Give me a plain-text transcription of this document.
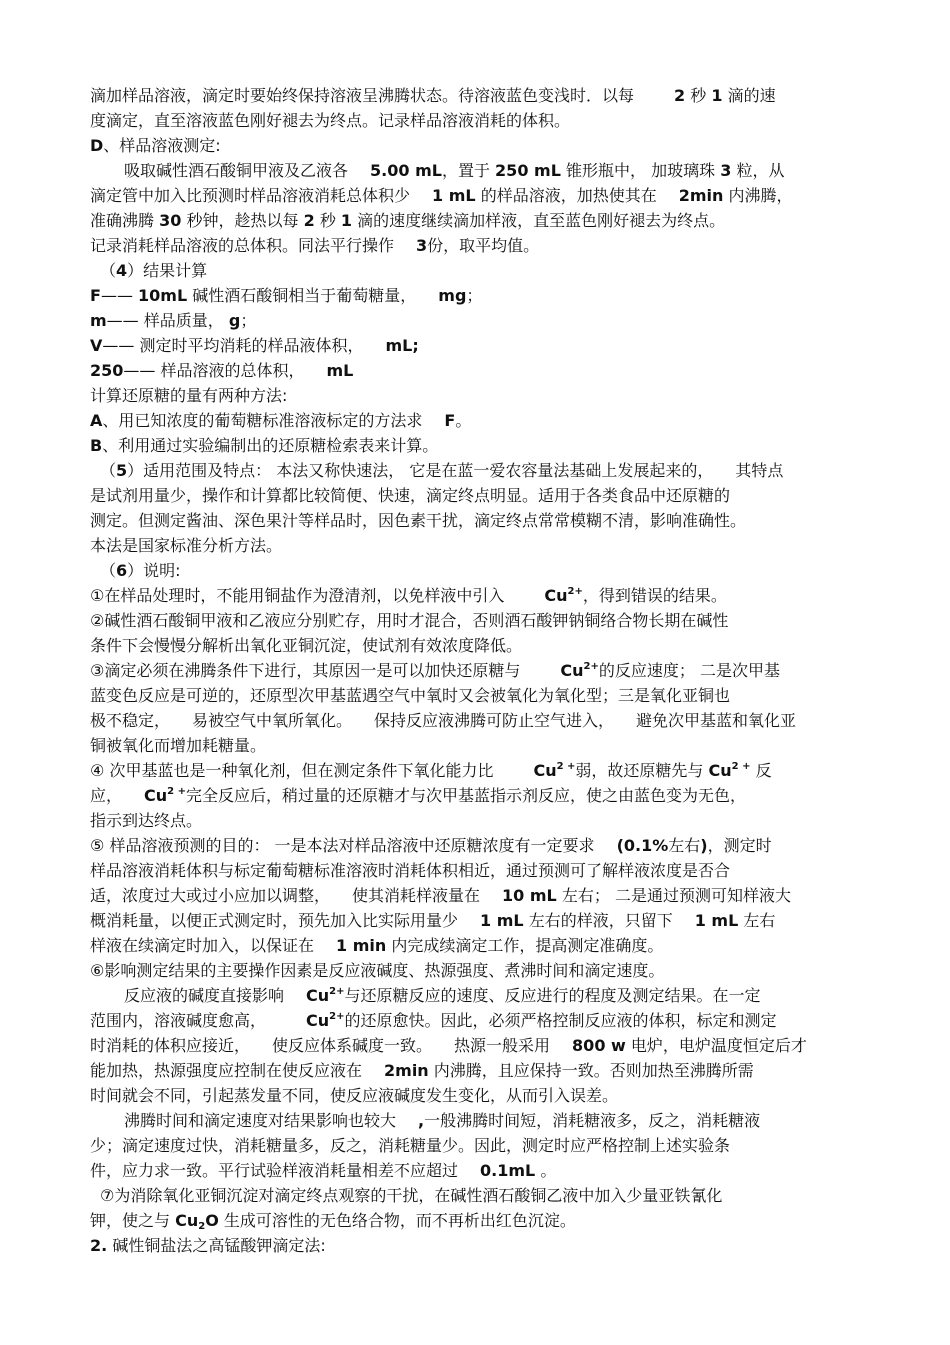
滴加样品溶液，滴定时要始终保持溶液呈沸腾状态。待溶液蓝色变浅时．以每	2 秒 1 滴的速
度滴定，直至溶液蓝色刚好褪去为终点。记录样品溶液消耗的体积。
D、样品溶液测定:
吸取碱性酒石酸铜甲液及乙液各 5.00 mL，置于 250 mL 锥形瓶中， 加玻璃珠 3 粒，从
滴定管中加入比预测时样品溶液消耗总体积少 1 mL 的样品溶液，加热使其在 2min 内沸腾，
准确沸腾 30 秒钟，趁热以每 2 秒 1 滴的速度继续滴加样液，直至蓝色刚好褪去为终点。
记录消耗样品溶液的总体积。同法平行操作 3份，取平均值。
（4）结果计算
F—— 10mL 碱性酒石酸铜相当于葡萄糖量， mg；
m—— 样品质量， g；
V—— 测定时平均消耗的样品液体积， mL;
250—— 样品溶液的总体积， mL
计算还原糖的量有两种方法:
A、用已知浓度的葡萄糖标准溶液标定的方法求 F。
B、利用通过实验编制出的还原糖检索表来计算。
（5）适用范围及特点： 本法又称快速法， 它是在蓝一爱农容量法基础上发展起来的， 其特点
是试剂用量少，操作和计算都比较简便、快速，滴定终点明显。适用于各类食品中还原糖的
测定。但测定酱油、深色果汁等样品时，因色素干扰，滴定终点常常模糊不清，影响准确性。
本法是国家标准分析方法。
（6）说明:
①在样品处理时，不能用铜盐作为澄清剂，以免样液中引入	$Cu^{2+}$，得到错误的结果。
②碱性酒石酸铜甲液和乙液应分别贮存，用时才混合，否则酒石酸钾钠铜络合物长期在碱性
条件下会慢慢分解析出氧化亚铜沉淀，使试剂有效浓度降低。
③滴定必须在沸腾条件下进行，其原因一是可以加快还原糖与	$Cu^{2+}$的反应速度； 二是次甲基
蓝变色反应是可逆的，还原型次甲基蓝遇空气中氧时又会被氧化为氧化型；三是氧化亚铜也
极不稳定， 易被空气中氧所氧化。 保持反应液沸腾可防止空气进入， 避免次甲基蓝和氧化亚
铜被氧化而增加耗糖量。
④ 次甲基蓝也是一种氧化剂，但在测定条件下氧化能力比	$Cu^{2 +}$弱，故还原糖先与 $Cu^{2 +}$ 反
应， $Cu^{2 +}$完全反应后，稍过量的还原糖才与次甲基蓝指示剂反应，使之由蓝色变为无色，
指示到达终点。
⑤ 样品溶液预测的目的： 一是本法对样品溶液中还原糖浓度有一定要求 (0.1%左右)，测定时
样品溶液消耗体积与标定葡萄糖标准溶液时消耗体积相近，通过预测可了解样液浓度是否合
适，浓度过大或过小应加以调整， 使其消耗样液量在 10 mL 左右； 二是通过预测可知样液大
概消耗量，以便正式测定时，预先加入比实际用量少 1 mL 左右的样液，只留下 1 mL 左右
样液在续滴定时加入，以保证在 1 min 内完成续滴定工作，提高测定准确度。
⑥影响测定结果的主要操作因素是反应液碱度、热源强度、煮沸时间和滴定速度。
反应液的碱度直接影响 $Cu^{2+}$与还原糖反应的速度、反应进行的程度及测定结果。在一定
范围内，溶液碱度愈高，	$Cu^{2+}$的还原愈快。因此，必须严格控制反应液的体积，标定和测定
时消耗的体积应接近， 使反应体系碱度一致。 热源一般采用 800 w 电炉，电炉温度恒定后才
能加热，热源强度应控制在使反应液在 2min 内沸腾，且应保持一致。否则加热至沸腾所需
时间就会不同，引起蒸发量不同，使反应液碱度发生变化，从而引入误差。
沸腾时间和滴定速度对结果影响也较大 ,一般沸腾时间短，消耗糖液多，反之，消耗糖液
少；滴定速度过快，消耗糖量多，反之，消耗糖量少。因此，测定时应严格控制上述实验条
件，应力求一致。平行试验样液消耗量相差不应超过 0.1mL 。
⑦为消除氧化亚铜沉淀对滴定终点观察的干扰，在碱性酒石酸铜乙液中加入少量亚铁氰化
钾，使之与 $Cu_2O$ 生成可溶性的无色络合物，而不再析出红色沉淀。
2. 碱性铜盐法之高锰酸钾滴定法:
